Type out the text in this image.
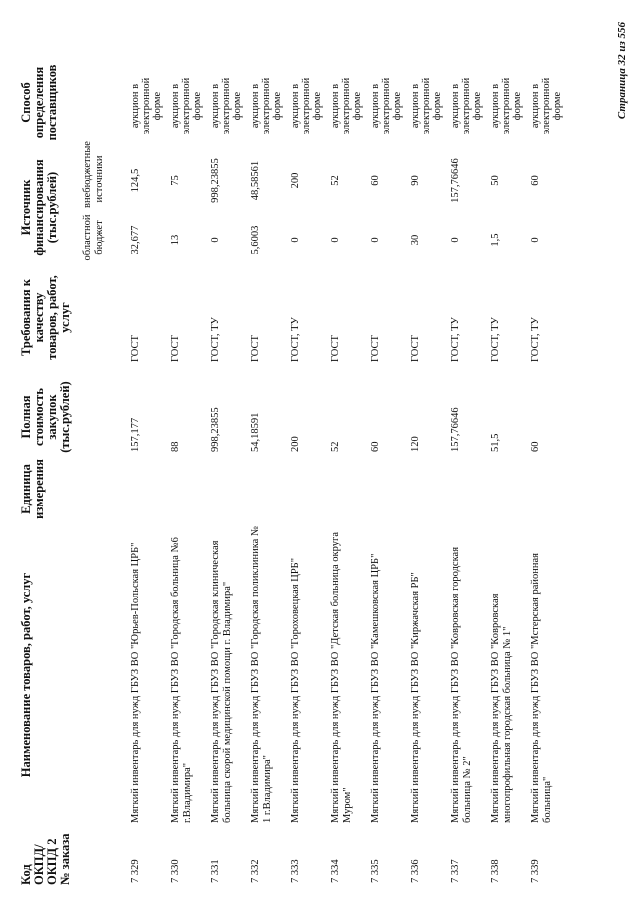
Код ОКПД/ ОКПД 2 № заказа
Наименование товаров, работ, услуг
Единица измерения
Полная стоимость закупок (тыс.рублей)
Требования к качеству товаров, работ, услуг
Источник финансирования (тыс.рублей) областной бюджет
внебюджетные источники
Способ определения поставщиков
7 329
Мягкий инвентарь для нужд ГБУЗ ВО "Юрьев-Польская ЦРБ"
157,177
ГОСТ
32,677
124,5
аукцион в электронной форме
7 330
Мягкий инвентарь для нужд ГБУЗ ВО "Городская больница №6 г.Владимира"
88
ГОСТ
13
75
аукцион в электронной форме
7 331
Мягкий инвентарь для нужд ГБУЗ ВО "Городская клиническая больница скорой медицинской помощи г. Владимира"
998,23855
ГОСТ, ТУ
0
998,23855
аукцион в электронной форме
7 332
Мягкий инвентарь для нужд ГБУЗ ВО "Городская поликлиника № 1 г.Владимира"
54,18591
ГОСТ
5,6003
48,58561
аукцион в электронной форме
7 333
Мягкий инвентарь для нужд ГБУЗ ВО "Гороховецкая ЦРБ"
200
ГОСТ, ТУ
0
200
аукцион в электронной форме
7 334
Мягкий инвентарь для нужд ГБУЗ ВО "Детская больница округа Муром"
52
ГОСТ
0
52
аукцион в электронной форме
7 335
Мягкий инвентарь для нужд ГБУЗ ВО "Камешковская ЦРБ"
60
ГОСТ
0
60
аукцион в электронной форме
7 336
Мягкий инвентарь для нужд ГБУЗ ВО "Киржачская РБ"
120
ГОСТ
30
90
аукцион в электронной форме
7 337
Мягкий инвентарь для нужд ГБУЗ ВО "Ковровская городская больница № 2"
157,76646
ГОСТ, ТУ
0
157,76646
аукцион в электронной форме
7 338
Мягкий инвентарь для нужд ГБУЗ ВО "Ковровская многопрофильная городская больница № 1"
51,5
ГОСТ, ТУ
1,5
50
аукцион в электронной форме
7 339
Мягкий инвентарь для нужд ГБУЗ ВО "Мстерская районная больница"
60
ГОСТ, ТУ
0
60
аукцион в электронной форме	Страница 32 из 556
